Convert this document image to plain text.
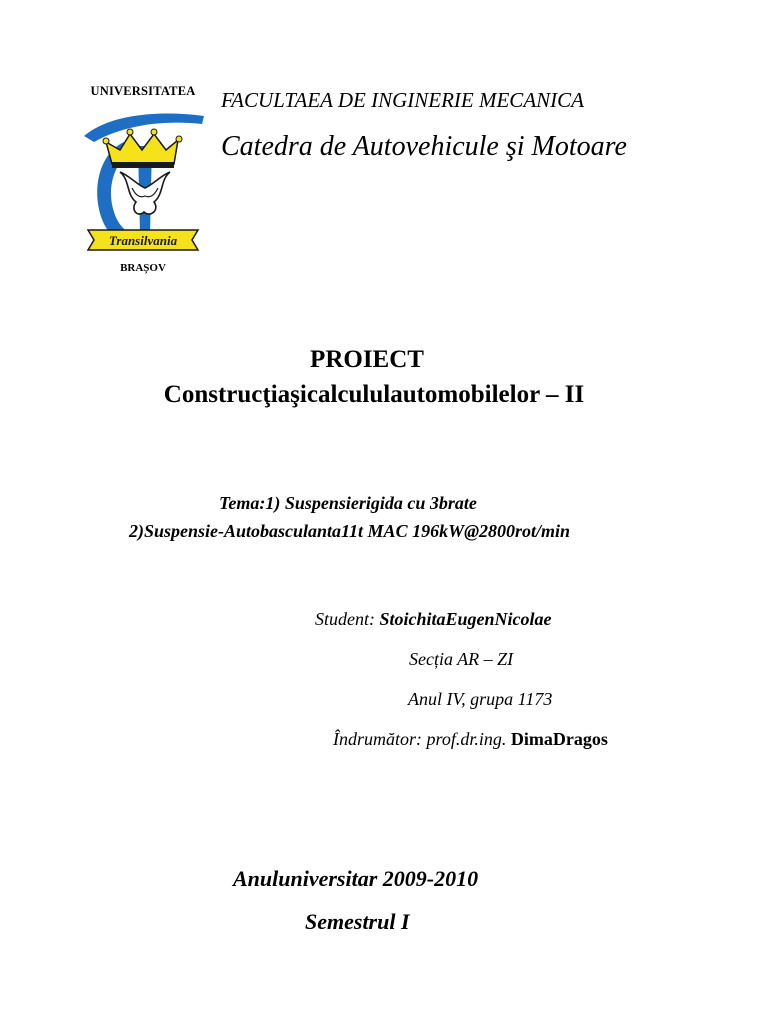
UNIVERSITATEA
Transilvania
BRAȘOV
FACULTAEA DE INGINERIE MECANICA
Catedra de Autovehicule şi Motoare
PROIECT
Construcţiaşicalcululautomobilelor – II
Tema:1) Suspensierigida cu 3brate
2)Suspensie-Autobasculanta11t MAC 196kW@2800rot/min
Student: StoichitaEugenNicolae
Secția AR – ZI
Anul IV, grupa 1173
Îndrumător: prof.dr.ing. DimaDragos
Anuluniversitar 2009-2010
Semestrul I
